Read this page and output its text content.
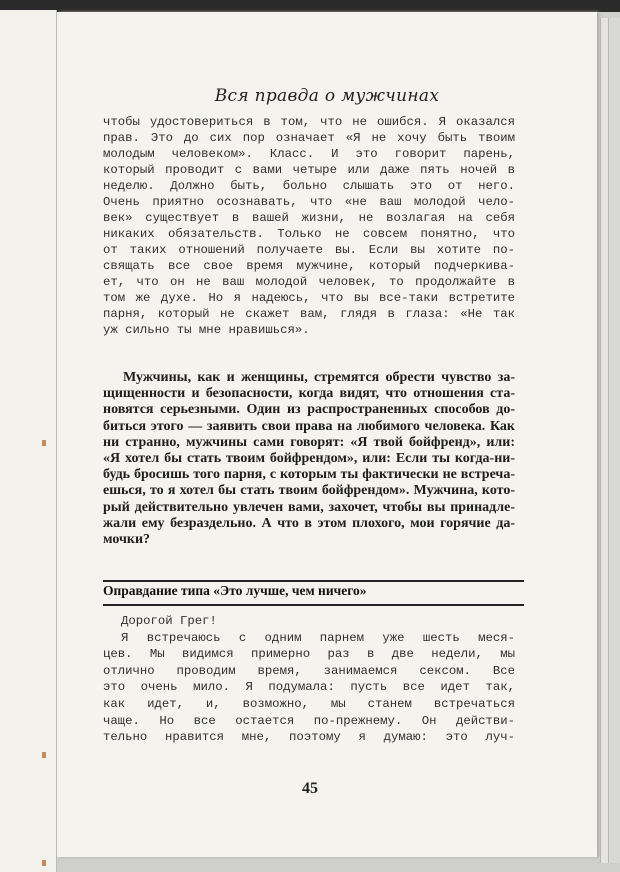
Вся правда о мужчинах
чтобы удостовериться в том, что не ошибся. Я оказался
прав. Это до сих пор означает «Я не хочу быть твоим
молодым человеком». Класс. И это говорит парень,
который проводит с вами четыре или даже пять ночей в
неделю. Должно быть, больно слышать это от него.
Очень приятно осознавать, что «не ваш молодой чело-
век» существует в вашей жизни, не возлагая на себя
никаких обязательств. Только не совсем понятно, что
от таких отношений получаете вы. Если вы хотите по-
свящать все свое время мужчине, который подчеркива-
ет, что он не ваш молодой человек, то продолжайте в
том же духе. Но я надеюсь, что вы все-таки встретите
парня, который не скажет вам, глядя в глаза: «Не так
уж сильно ты мне нравишься».
Мужчины, как и женщины, стремятся обрести чувство за-
щищенности и безопасности, когда видят, что отношения ста-
новятся серьезными. Один из распространенных способов до-
биться этого — заявить свои права на любимого человека. Как
ни странно, мужчины сами говорят: «Я твой бойфренд», или:
«Я хотел бы стать твоим бойфрендом», или: Если ты когда-ни-
будь бросишь того парня, с которым ты фактически не встреча-
ешься, то я хотел бы стать твоим бойфрендом». Мужчина, кото-
рый действительно увлечен вами, захочет, чтобы вы принадле-
жали ему безраздельно. А что в этом плохого, мои горячие да-
мочки?
Оправдание типа «Это лучше, чем ничего»
Дорогой Грег!
Я встречаюсь с одним парнем уже шесть меся-
цев. Мы видимся примерно раз в две недели, мы
отлично проводим время, занимаемся сексом. Все
это очень мило. Я подумала: пусть все идет так,
как идет, и, возможно, мы станем встречаться
чаще. Но все остается по-прежнему. Он действи-
тельно нравится мне, поэтому я думаю: это луч-
45
